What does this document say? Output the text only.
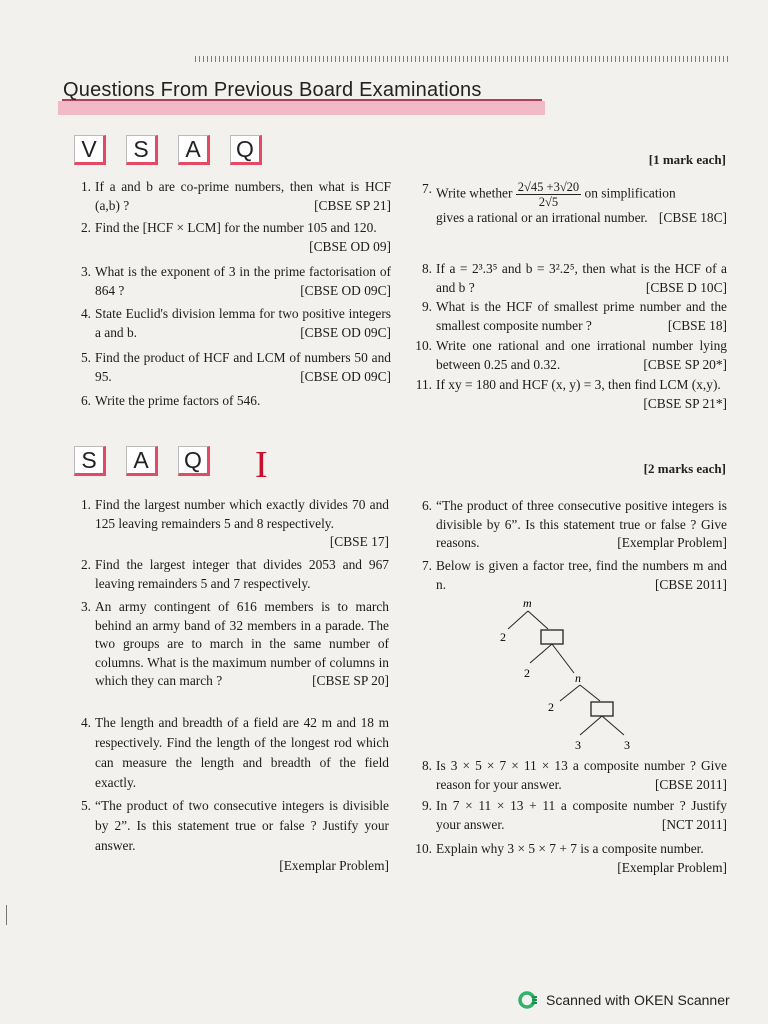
Questions From Previous Board Examinations
V	S	A	Q	[1 mark each]
1. If a and b are co-prime numbers, then what is HCF (a,b) ?	[CBSE SP 21]
2. Find the [HCF × LCM] for the number 105 and 120.
[CBSE OD 09]
3. What is the exponent of 3 in the prime factorisation of 864 ?	[CBSE OD 09C]
4. State Euclid's division lemma for two positive integers a and b.	[CBSE OD 09C]
5. Find the product of HCF and LCM of numbers 50 and 95.	[CBSE OD 09C]
6. Write the prime factors of 546.
7. Write whether $\frac{2√45 +3√20}{2√5}$ on simplification
gives a rational or an irrational number. [CBSE 18C]
8. If a = 2³.3⁵ and b = 3².2⁵, then what is the HCF of a and b ?	[CBSE D 10C]
9. What is the HCF of smallest prime number and the smallest composite number ?	[CBSE 18]
10. Write one rational and one irrational number lying between 0.25 and 0.32.	[CBSE SP 20*]
11. If xy = 180 and HCF (x, y) = 3, then find LCM (x,y).
[CBSE SP 21*]
S	A	Q I	[2 marks each]
1. Find the largest number which exactly divides 70 and 125 leaving remainders 5 and 8 respectively.
[CBSE 17]
2. Find the largest integer that divides 2053 and 967 leaving remainders 5 and 7 respectively.
3. An army contingent of 616 members is to march behind an army band of 32 members in a parade. The two groups are to march in the same number of columns. What is the maximum number of columns in which they can march ?	[CBSE SP 20]
4. The length and breadth of a field are 42 m and 18 m respectively. Find the length of the longest rod which can measure the length and breadth of the field exactly.
5. “The product of two consecutive integers is divisible by 2”. Is this statement true or false ? Justify your answer.

[Exemplar Problem]
6. “The product of three consecutive positive integers is divisible by 6”. Is this statement true or false ? Give reasons.	[Exemplar Problem]
7. Below is given a factor tree, find the numbers m and n.	[CBSE 2011]
m
2
2	n
2
3	3
8. Is 3 × 5 × 7 × 11 × 13 a composite number ? Give reason for your answer.	[CBSE 2011]
9. In 7 × 11 × 13 + 11 a composite number ? Justify your answer.	[NCT 2011]
10. Explain why 3 × 5 × 7 + 7 is a composite number.
[Exemplar Problem]
Scanned with OKEN Scanner
